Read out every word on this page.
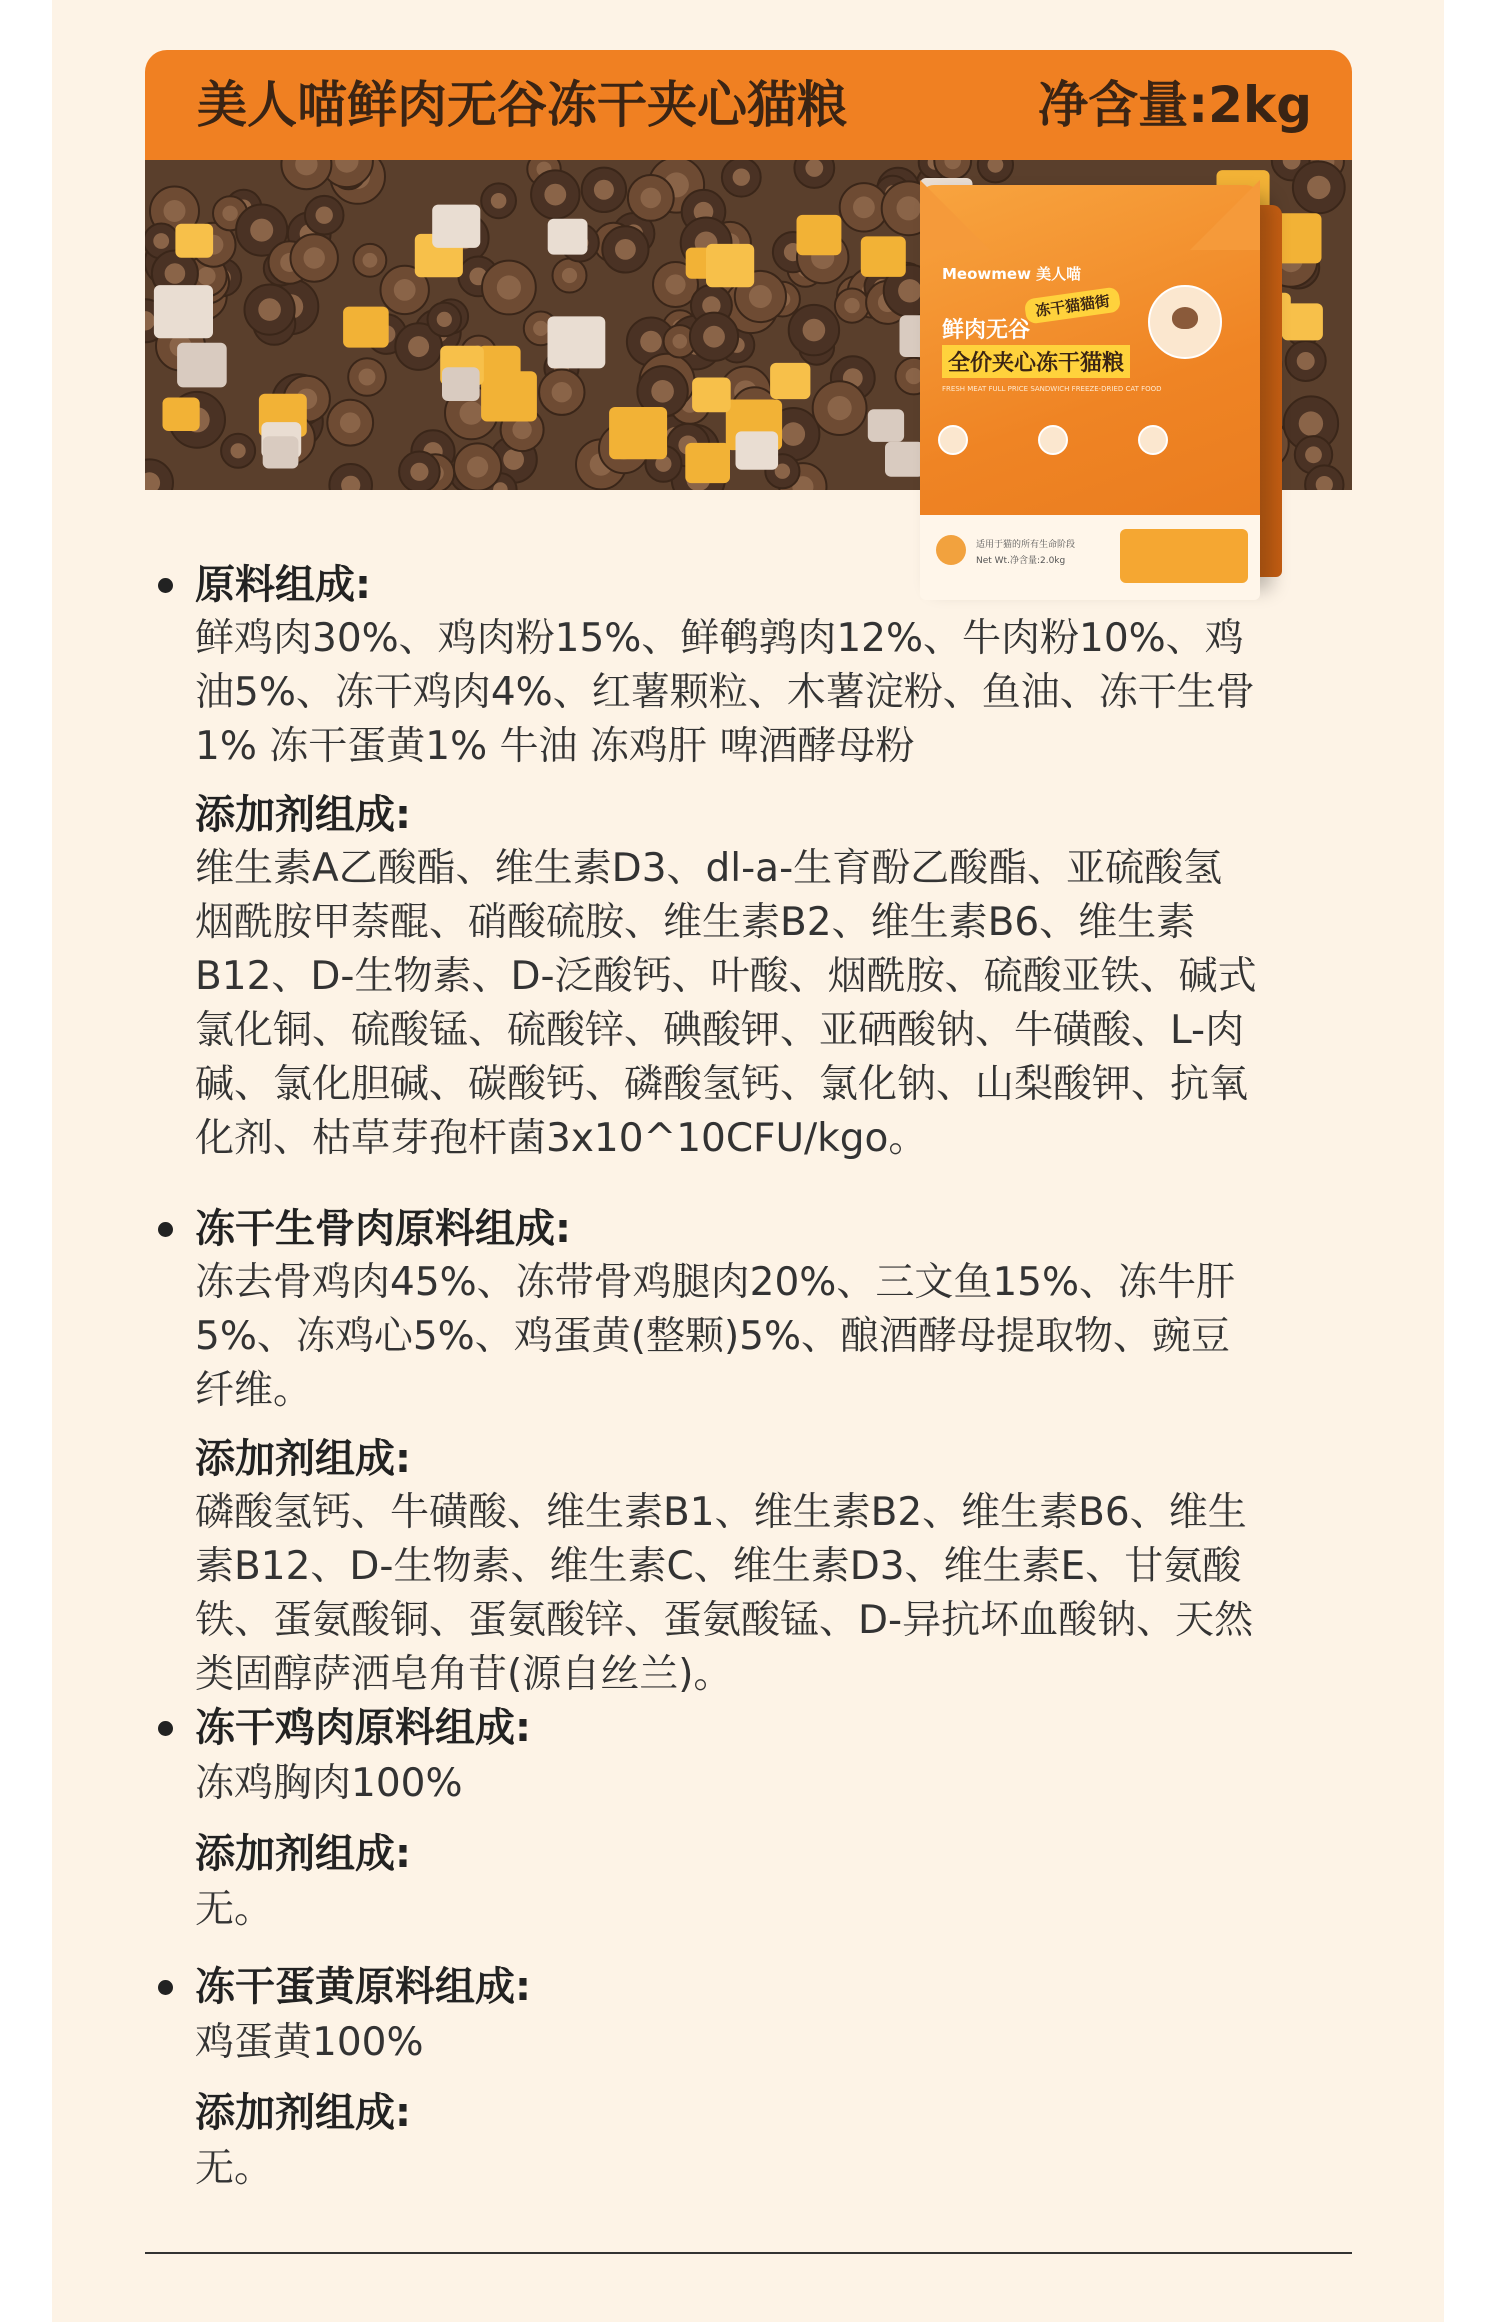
美人喵鲜肉无谷冻干夹心猫粮	净含量:2kg
Meowmew 美人喵
冻干猫猫街
鲜肉无谷
全价夹心冻干猫粮
FRESH MEAT FULL PRICE SANDWICH FREEZE-DRIED CAT FOOD
适用于猫的所有生命阶段
Net Wt.净含量:2.0kg
原料组成:
鲜鸡肉30%、鸡肉粉15%、鲜鹌鹑肉12%、牛肉粉10%、鸡
油5%、冻干鸡肉4%、红薯颗粒、木薯淀粉、鱼油、冻干生骨
1% 冻干蛋黄1% 牛油 冻鸡肝 啤酒酵母粉
添加剂组成:
维生素A乙酸酯、维生素D3、dl-a-生育酚乙酸酯、亚硫酸氢
烟酰胺甲萘醌、硝酸硫胺、维生素B2、维生素B6、维生素
B12、D-生物素、D-泛酸钙、叶酸、烟酰胺、硫酸亚铁、碱式
氯化铜、硫酸锰、硫酸锌、碘酸钾、亚硒酸钠、牛磺酸、L-肉
碱、氯化胆碱、碳酸钙、磷酸氢钙、氯化钠、山梨酸钾、抗氧
化剂、枯草芽孢杆菌3x10^10CFU/kgo。
冻干生骨肉原料组成:
冻去骨鸡肉45%、冻带骨鸡腿肉20%、三文鱼15%、冻牛肝
5%、冻鸡心5%、鸡蛋黄(整颗)5%、酿酒酵母提取物、豌豆
纤维。
添加剂组成:
磷酸氢钙、牛磺酸、维生素B1、维生素B2、维生素B6、维生
素B12、D-生物素、维生素C、维生素D3、维生素E、甘氨酸
铁、蛋氨酸铜、蛋氨酸锌、蛋氨酸锰、D-异抗坏血酸钠、天然
类固醇萨洒皂角苷(源自丝兰)。
冻干鸡肉原料组成:
冻鸡胸肉100%
添加剂组成:
无。
冻干蛋黄原料组成:
鸡蛋黄100%
添加剂组成:
无。
